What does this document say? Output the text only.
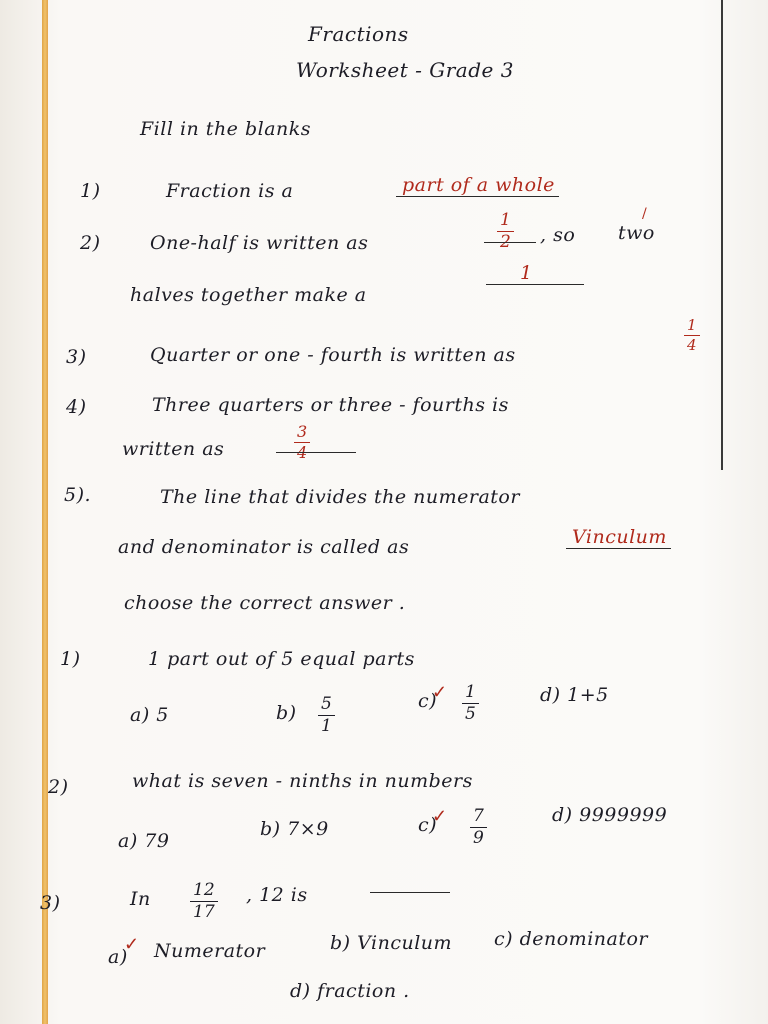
Fractions
Worksheet - Grade 3
Fill in the blanks
1)	Fraction is a	part of a whole
2)	One-half is written as	$\frac{1}{2}$ , so two
/
halves together make a
1
3)	Quarter or one - fourth is written as
$\frac{1}{4}$
4)	Three quarters or three - fourths is
written as	$\frac{3}{4}$
5).	The line that divides the numerator
and denominator is called as	Vinculum
choose the correct answer .
1)	1 part out of 5 equal parts
a) 5	$b) \frac{5}{1}$	c)
✓ $\frac{1}{5}$	d) 1+5
2)	what is seven - ninths in numbers
a) 79
b) 7×9	c)
✓ $\frac{7}{9}$	d) 9999999
3)	In $\frac{12}{17}$ , 12 is
a)
✓ Numerator	b) Vinculum c) denominator
d) fraction .
